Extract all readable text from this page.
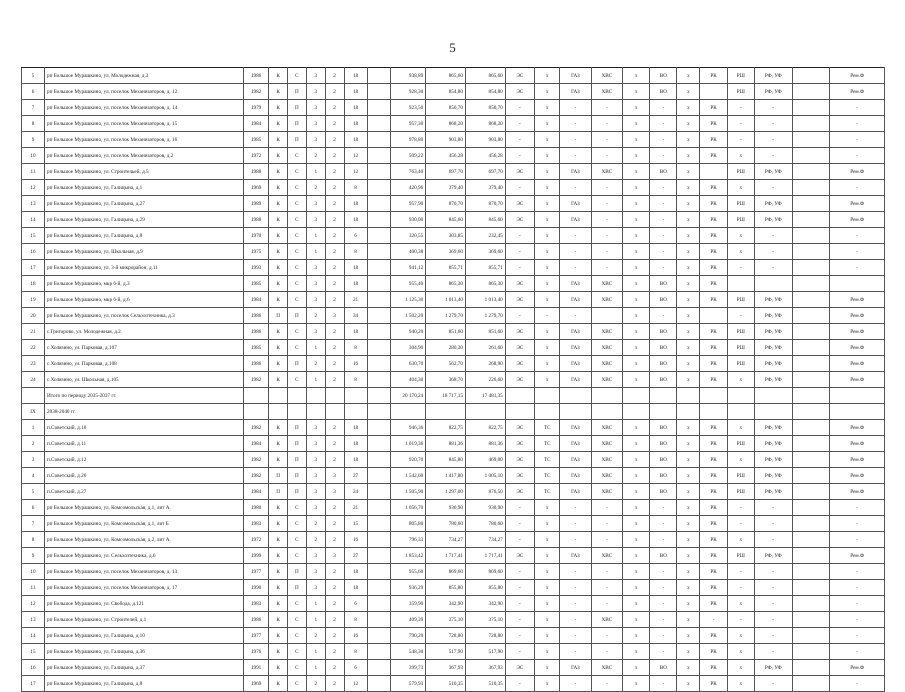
5
5	рп Большое Мурашкино, ул. Молодежная, д.3	1986	К	С	3	2	18		938,89	865,60	865,60	ЭС	х	ГАЗ	ХВС	х	ВО	х	РК	РШ	РФ, УФ		Рем.Ф
6	рп Большое Мурашкино, ул. поселок Механизаторов, д. 12	1982	К	П	3	2	18		928,30	854,80	854,80	ЭС	х	ГАЗ	ХВС	х	ВО	х		РШ	РФ, УФ		Рем.Ф
7	рп Большое Мурашкино, ул. поселок Механизаторов, д. 14	1979	К	П	3	2	18		923,50	850,70	850,70	-	х	-	-	х	-	х	РК	-	-		-
8	рп Большое Мурашкино, ул. поселок Механизаторов, д. 15	1984	К	П	3	2	18		957,30	868,20	868,20	-	х	-	-	х	-	х	РК	-	-		-
9	рп Большое Мурашкино, ул. поселок Механизаторов, д. 16	1985	К	П	3	2	18		978,80	903,80	903,80	-	х	-	-	х	-	х	РК	-	-		-
10	рп Большое Мурашкино, ул. поселок Механизаторов, д.2	1972	К	С	2	2	12		509,22	456,28	456,28	-	х	-	-	х	-	х	РК	х	-		-
11	рп Большое Мурашкино, ул. Строительей, д.5	1988	К	С	1	2	12		763,40	697,70	697,70	ЭС	х	ГАЗ	ХВС	х	ВО	х		РШ	РФ, УФ		Рем.Ф
12	рп Большое Мурашкино, ул. Галицына, д.1	1969	К	С	2	2	8		420,96	379,40	379,40	-	х	-	-	х	-	х	РК	х	-		-
13	рп Большое Мурашкино, ул. Галицына, д.27	1989	К	С	3	2	18		957,90	870,70	870,70	ЭС	х	ГАЗ	-	х	-	х	РК	РШ	РФ, УФ		Рем.Ф
14	рп Большое Мурашкино, ул. Галицына, д.29	1988	К	С	3	2	18		930,00	845,60	845,60	ЭС	х	ГАЗ	-	х	-	х	РК	РШ	РФ, УФ		Рем.Ф
15	рп Большое Мурашкино, ул. Галицына, д.8	1970	К	С	1	2	6		320,55	303,85	232,45	-	х	-	-	х	-	х	РК	х	-		-
16	рп Большое Мурашкино, ул. Школьная, д.9	1975	К	С	1	2	8		400,38	369,60	369,60	-	х	-	-	х	-	х	РК	х	-		-
17	рп Большое Мурашкино, ул. 3-й микрорайон, д.11	1993	К	С	3	2	18		941,12	855,71	855,71	-	х	-	-	х	-	х	РК	-	-		-
18	рп Большое Мурашкино, мкр 6-й, д.3	1985	К	С	3	2	18		955,40	865,30	865,30	ЭС	х	ГАЗ	ХВС	х	ВО	х	РК				
19	рп Большое Мурашкино, мкр 6-й, д.6	1984	К	С	3	2	21		1 125,30	1 013,40	1 013,40	ЭС	х	ГАЗ	ХВС	х	ВО	х	РК	РШ	РФ, УФ		Рем.Ф
20	рп Большое Мурашкино, ул. поселок Сельхозтехника, д.3	1986	П	П	2	3	34		1 502,20	1 279,70	1 279,70	-	-	-		х	-	х		-	РФ, УФ		Рем.Ф
21	с.Григорово, ул. Молодежная, д.2	1986	К	С	3	2	18		940,20	851,60	851,60	ЭС	х	ГАЗ	ХВС	х	ВО	х	РК	РШ	РФ, УФ		Рем.Ф
22	с.Холязино, ул. Парковая, д.107	1985	К	С	1	2	8		304,90	280,30	261,60	ЭС	х	ГАЗ	ХВС	х	ВО	х	РК	РШ	РФ, УФ		Рем.Ф
23	с.Холязино, ул. Парковая, д.108	1986	К	П	2	2	16		630,70	562,70	268,90	ЭС	х	ГАЗ	ХВС	х	ВО	х	РК	РШ	РФ, УФ		Рем.Ф
24	с.Холязино, ул. Школьная, д.105	1982	К	С	1	2	8		404,30	368,70	226,60	ЭС	х	ГАЗ	ХВС	х	ВО	х	РК	х	РФ, УФ		Рем.Ф
	Итого по периоду 2035-2037 гг.								20 170,24	18 717,15	17 481,35												
IX	2038-2040 гг.																						
1	п.Советский, д.10	1982	К	П	3	2	18		946,36	822,75	822,75	ЭС	ТС	ГАЗ	ХВС	х	ВО	х	РК	х	РФ, УФ		Рем.Ф
2	п.Советский, д.11	1984	К	П	3	2	18		1 019,36	881,36	881,36	ЭС	ТС	ГАЗ	ХВС	х	ВО	х	РК	РШ	РФ, УФ		Рем.Ф
3	п.Советский, д.12	1982	К	П	3	2	18		920,70	845,80	469,00	ЭС	ТС	ГАЗ	ХВС	х	ВО	х	РК	х	РФ, УФ		Рем.Ф
4	п.Советский, д.26	1982	П	П	3	3	27		1 542,60	1 417,80	1 005,10	ЭС	ТС	ГАЗ	ХВС	х	ВО	х	РК	РШ	РФ, УФ		Рем.Ф
5	п.Советский, д.27	1984	П	П	3	3	24		1 505,90	1 297,00	876,50	ЭС	ТС	ГАЗ	ХВС	х	ВО	х	РК	РШ	РФ, УФ		Рем.Ф
6	рп Большое Мурашкино, ул. Комсомольская, д.1, лит А	1980	К	С	3	2	21		1 056,70	930,90	930,90	-	х	-	-	х	-	х	РК	-	-		-
7	рп Большое Мурашкино, ул. Комсомольская, д.1, лит Б	1983	К	С	2	2	15		805,80	780,60	780,60	-	х	-	-	х	-	х	РК	-	-		-
8	рп Большое Мурашкино, ул. Комсомольская, д.2, лит А	1972	К	С	2	2	16		796,33	734,27	734,27	-	х	-	-	х	-	х	РК	х	-		-
9	рп Большое Мурашкино, ул. Сельхозтехника, д.6	1999	К	С	3	3	27		1 853,42	1 717,41	1 717,41	ЭС	х	ГАЗ	ХВС	х	ВО	х	РК	РШ	РФ, УФ		Рем.Ф
10	рп Большое Мурашкино, ул. поселок Механизаторов, д. 13	1977	К	П	3	2	18		955,60	869,60	869,60	-	х	-	-	х	-	х	РК	-	-		-
11	рп Большое Мурашкино, ул. поселок Механизаторов, д. 17	1990	К	П	3	2	18		936,29	855,80	855,80	-	х	-	-	х	-	х	РК	-	-		-
12	рп Большое Мурашкино, ул. Свобода, д.121	1983	К	С	1	2	6		359,90	342,90	342,90	-	х	-	-	х	-	х	РК	х	-		-
13	рп Большое Мурашкино, ул. Строителей, д.1	1986	К	С	1	2	8		409,39	375,10	375,10	-	х	-	ХВС	х	-	х	-	-	-		-
14	рп Большое Мурашкино, ул. Галицына, д.10	1977	К	С	2	2	16		790,20	728,80	728,80	-	х	-	-	х	-	х	РК	х	-		-
15	рп Большое Мурашкино, ул. Галицына, д.36	1976	К	С	1	2	8		548,30	517,90	517,90	-	х	-	-	х	-	х	РК	х	-		-
16	рп Большое Мурашкино, ул. Галицына, д.37	1991	К	С	1	2	6		399,73	367,93	367,93	ЭС	х	ГАЗ	ХВС	х	ВО	х	РК	х	РФ, УФ		Рем.Ф
17	рп Большое Мурашкино, ул. Галицына, д.8	1969	К	С	2	2	12		579,93	510,35	510,35	-	х	-	-	х	-	х	РК	х	-		-
